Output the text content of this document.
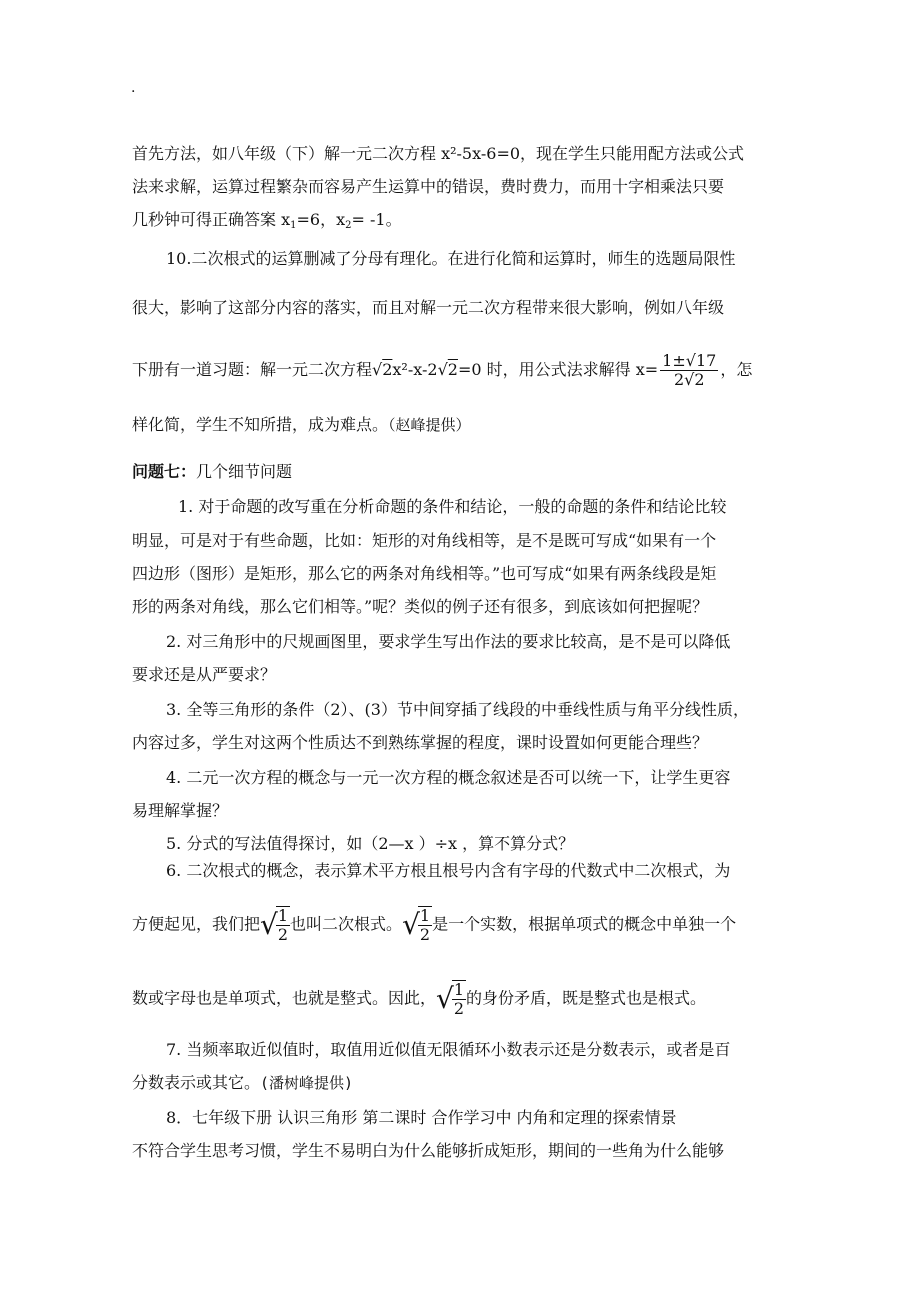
.
首先方法，如八年级（下）解一元二次方程 x²-5x-6=0，现在学生只能用配方法或公式
法来求解，运算过程繁杂而容易产生运算中的错误，费时费力，而用十字相乘法只要
几秒钟可得正确答案 $x_1=6$，$x_2= -1$。
10.二次根式的运算删减了分母有理化。在进行化简和运算时，师生的选题局限性
很大，影响了这部分内容的落实，而且对解一元二次方程带来很大影响，例如八年级
下册有一道习题：解一元二次方程√2x²-x-2√2=0 时，用公式法求解得 $x= \frac{1\pm√17}{2√2}$ ，怎
样化简，学生不知所措，成为难点。（赵峰提供）
问题七：几个细节问题
1. 对于命题的改写重在分析命题的条件和结论，一般的命题的条件和结论比较
明显，可是对于有些命题，比如：矩形的对角线相等，是不是既可写成“如果有一个
四边形（图形）是矩形，那么它的两条对角线相等。”也可写成“如果有两条线段是矩
形的两条对角线，那么它们相等。”呢？类似的例子还有很多，到底该如何把握呢？
2. 对三角形中的尺规画图里，要求学生写出作法的要求比较高，是不是可以降低
要求还是从严要求？
3. 全等三角形的条件（2）、(3）节中间穿插了线段的中垂线性质与角平分线性质，
内容过多，学生对这两个性质达不到熟练掌握的程度，课时设置如何更能合理些？
4. 二元一次方程的概念与一元一次方程的概念叙述是否可以统一下，让学生更容
易理解掌握？
5. 分式的写法值得探讨，如（2—x ）÷x ，算不算分式？
6. 二次根式的概念，表示算术平方根且根号内含有字母的代数式中二次根式，为
方便起见，我们把√
$\frac{1}{2}$ 也叫二次根式。√
$\frac{1}{2}$ 是一个实数，根据单项式的概念中单独一个
数或字母也是单项式，也就是整式。因此，√
$\frac{1}{2}$ 的身份矛盾，既是整式也是根式。
7. 当频率取近似值时，取值用近似值无限循环小数表示还是分数表示，或者是百
分数表示或其它。(潘树峰提供)
8．七年级下册 认识三角形 第二课时 合作学习中 内角和定理的探索情景
不符合学生思考习惯，学生不易明白为什么能够折成矩形，期间的一些角为什么能够
